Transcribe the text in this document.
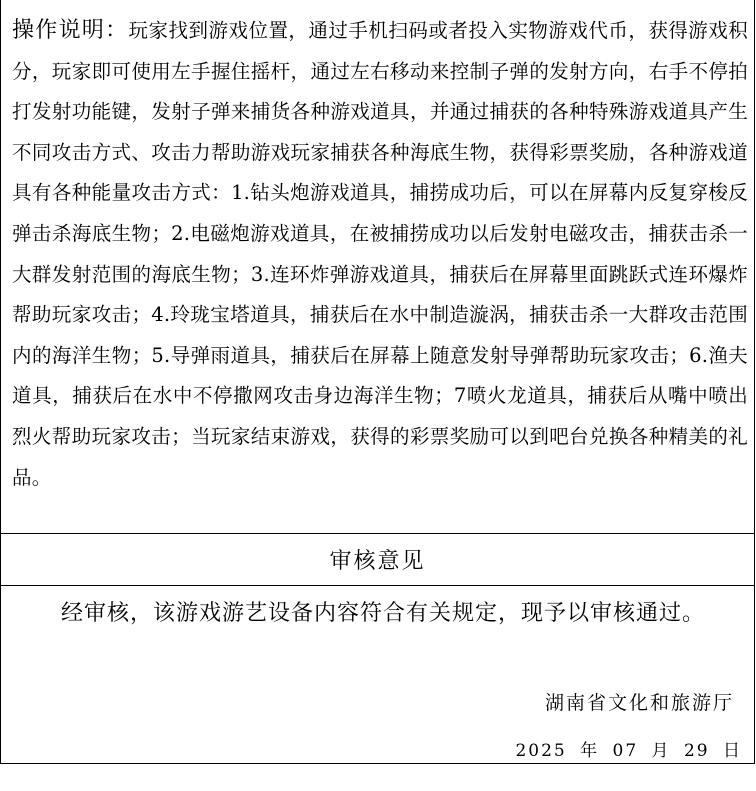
操作说明：玩家找到游戏位置，通过手机扫码或者投入实物游戏代币，获得游戏积分，玩家即可使用左手握住摇杆，通过左右移动来控制子弹的发射方向，右手不停拍打发射功能键，发射子弹来捕货各种游戏道具，并通过捕获的各种特殊游戏道具产生不同攻击方式、攻击力帮助游戏玩家捕获各种海底生物，获得彩票奖励，各种游戏道具有各种能量攻击方式：1.钻头炮游戏道具，捕捞成功后，可以在屏幕内反复穿梭反弹击杀海底生物；2.电磁炮游戏道具，在被捕捞成功以后发射电磁攻击，捕获击杀一大群发射范围的海底生物；3.连环炸弹游戏道具，捕获后在屏幕里面跳跃式连环爆炸帮助玩家攻击；4.玲珑宝塔道具，捕获后在水中制造漩涡，捕获击杀一大群攻击范围内的海洋生物；5.导弹雨道具，捕获后在屏幕上随意发射导弹帮助玩家攻击；6.渔夫道具，捕获后在水中不停撒网攻击身边海洋生物；7喷火龙道具，捕获后从嘴中喷出烈火帮助玩家攻击；当玩家结束游戏，获得的彩票奖励可以到吧台兑换各种精美的礼品。
审核意见
经审核，该游戏游艺设备内容符合有关规定，现予以审核通过。
湖南省文化和旅游厅
2025 年 07 月 29 日
